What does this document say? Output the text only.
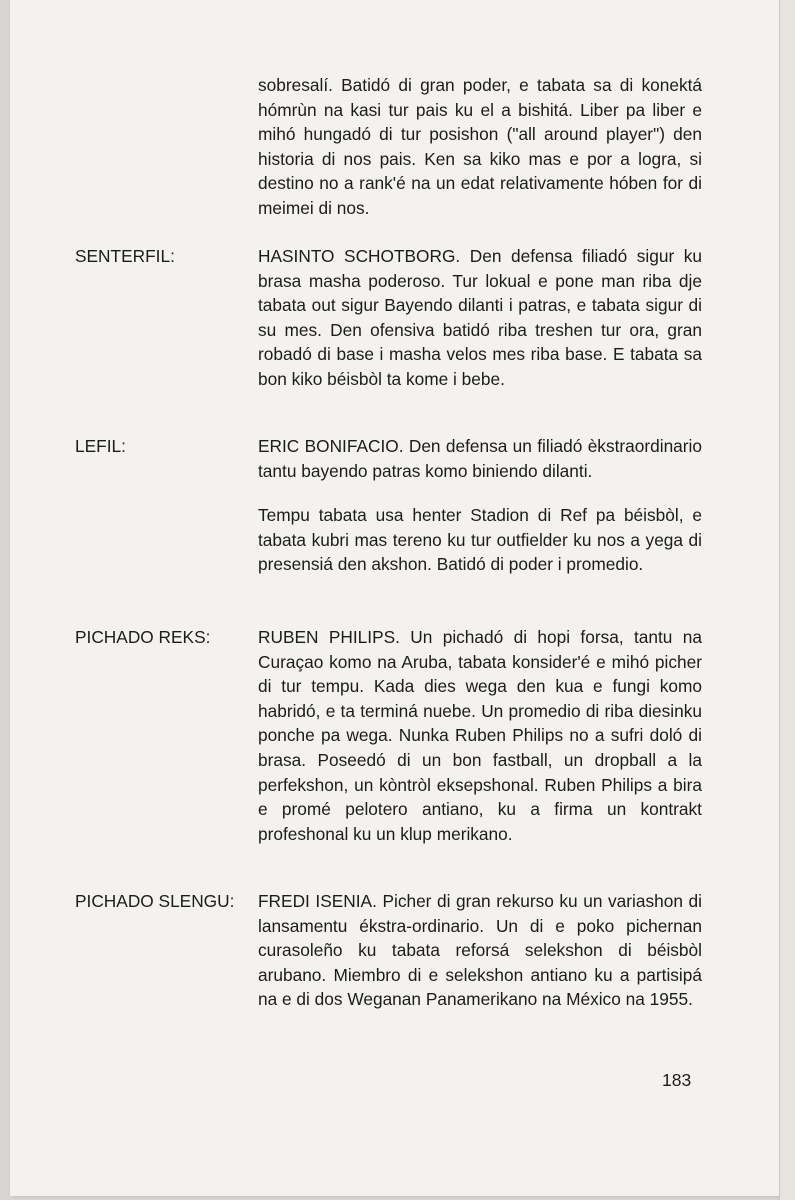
sobresalí. Batidó di gran poder, e tabata sa di konektá hómrùn na kasi tur pais ku el a bishitá. Liber pa liber e mihó hungadó di tur posishon ("all around player") den historia di nos pais. Ken sa kiko mas e por a logra, si destino no a rank'é na un edat relativamente hóben for di meimei di nos.
SENTERFIL:	HASINTO SCHOTBORG. Den defensa filiadó sigur ku brasa masha poderoso. Tur lokual e pone man riba dje tabata out sigur Bayendo dilanti i patras, e tabata sigur di su mes. Den ofensiva batidó riba treshen tur ora, gran robadó di base i masha velos mes riba base. E tabata sa bon kiko béisbòl ta kome i bebe.
LEFIL:	ERIC BONIFACIO. Den defensa un filiadó èkstraordinario tantu bayendo patras komo biniendo dilanti.
Tempu tabata usa henter Stadion di Ref pa béisbòl, e tabata kubri mas tereno ku tur outfielder ku nos a yega di presensiá den akshon. Batidó di poder i promedio.
PICHADO REKS:	RUBEN PHILIPS. Un pichadó di hopi forsa, tantu na Curaçao komo na Aruba, tabata konsider'é e mihó picher di tur tempu. Kada dies wega den kua e fungi komo habridó, e ta terminá nuebe. Un promedio di riba diesinku ponche pa wega. Nunka Ruben Philips no a sufri doló di brasa. Poseedó di un bon fastball, un dropball a la perfekshon, un kòntròl eksepshonal. Ruben Philips a bira e promé pelotero antiano, ku a firma un kontrakt profeshonal ku un klup merikano.
PICHADO SLENGU: FREDI ISENIA. Picher di gran rekurso ku un variashon di lansamentu ékstra-ordinario. Un di e poko pichernan curasoleño ku tabata reforsá selekshon di béisbòl arubano. Miembro di e selekshon antiano ku a partisipá na e di dos Weganan Panamerikano na México na 1955.
183
